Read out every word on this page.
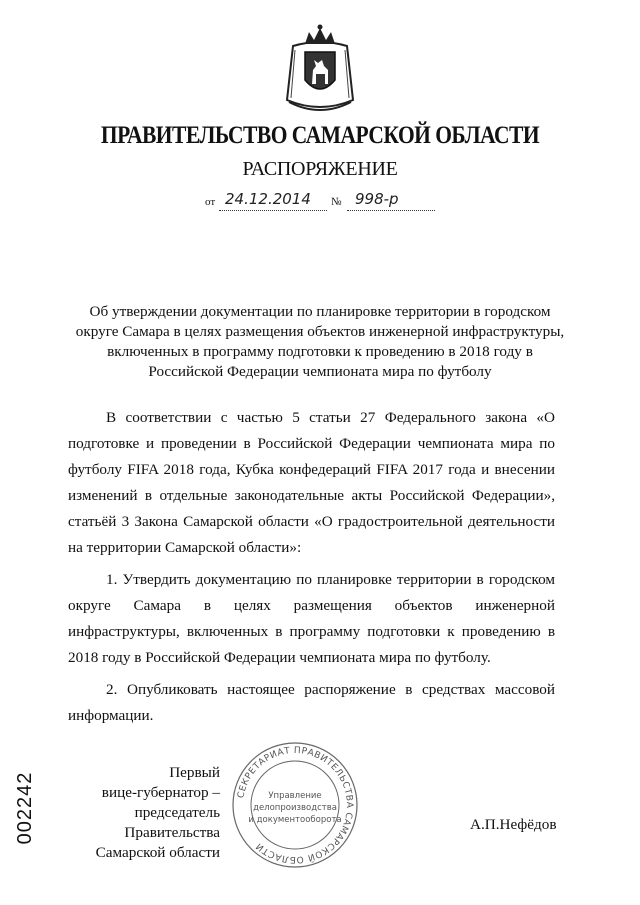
ПРАВИТЕЛЬСТВО САМАРСКОЙ ОБЛАСТИ
РАСПОРЯЖЕНИЕ
от 24.12.2014 № 998-р
Об утверждении документации по планировке территории в городском округе Самара в целях размещения объектов инженерной инфраструктуры, включенных в программу подготовки к проведению в 2018 году в Российской Федерации чемпионата мира по футболу

В соответствии с частью 5 статьи 27 Федерального закона «О подготовке и проведении в Российской Федерации чемпионата мира по футболу FIFA 2018 года, Кубка конфедераций FIFA 2017 года и внесении изменений в отдельные законодательные акты Российской Федерации», статьёй 3 Закона Самарской области «О градостроительной деятельности на территории Самарской области»:

1. Утвердить документацию по планировке территории в городском округе Самара в целях размещения объектов инженерной инфраструктуры, включенных в программу подготовки к проведению в 2018 году в Российской Федерации чемпионата мира по футболу.

2. Опубликовать настоящее распоряжение в средствах массовой информации.

002242	Первый
вице-губернатор –
председатель Правительства
Самарской области
СЕКРЕТАРИАТ ПРАВИТЕЛЬСТВА САМАРСКОЙ ОБЛАСТИ
Управление
делопроизводства
и документооборота	А.П.Нефёдов
